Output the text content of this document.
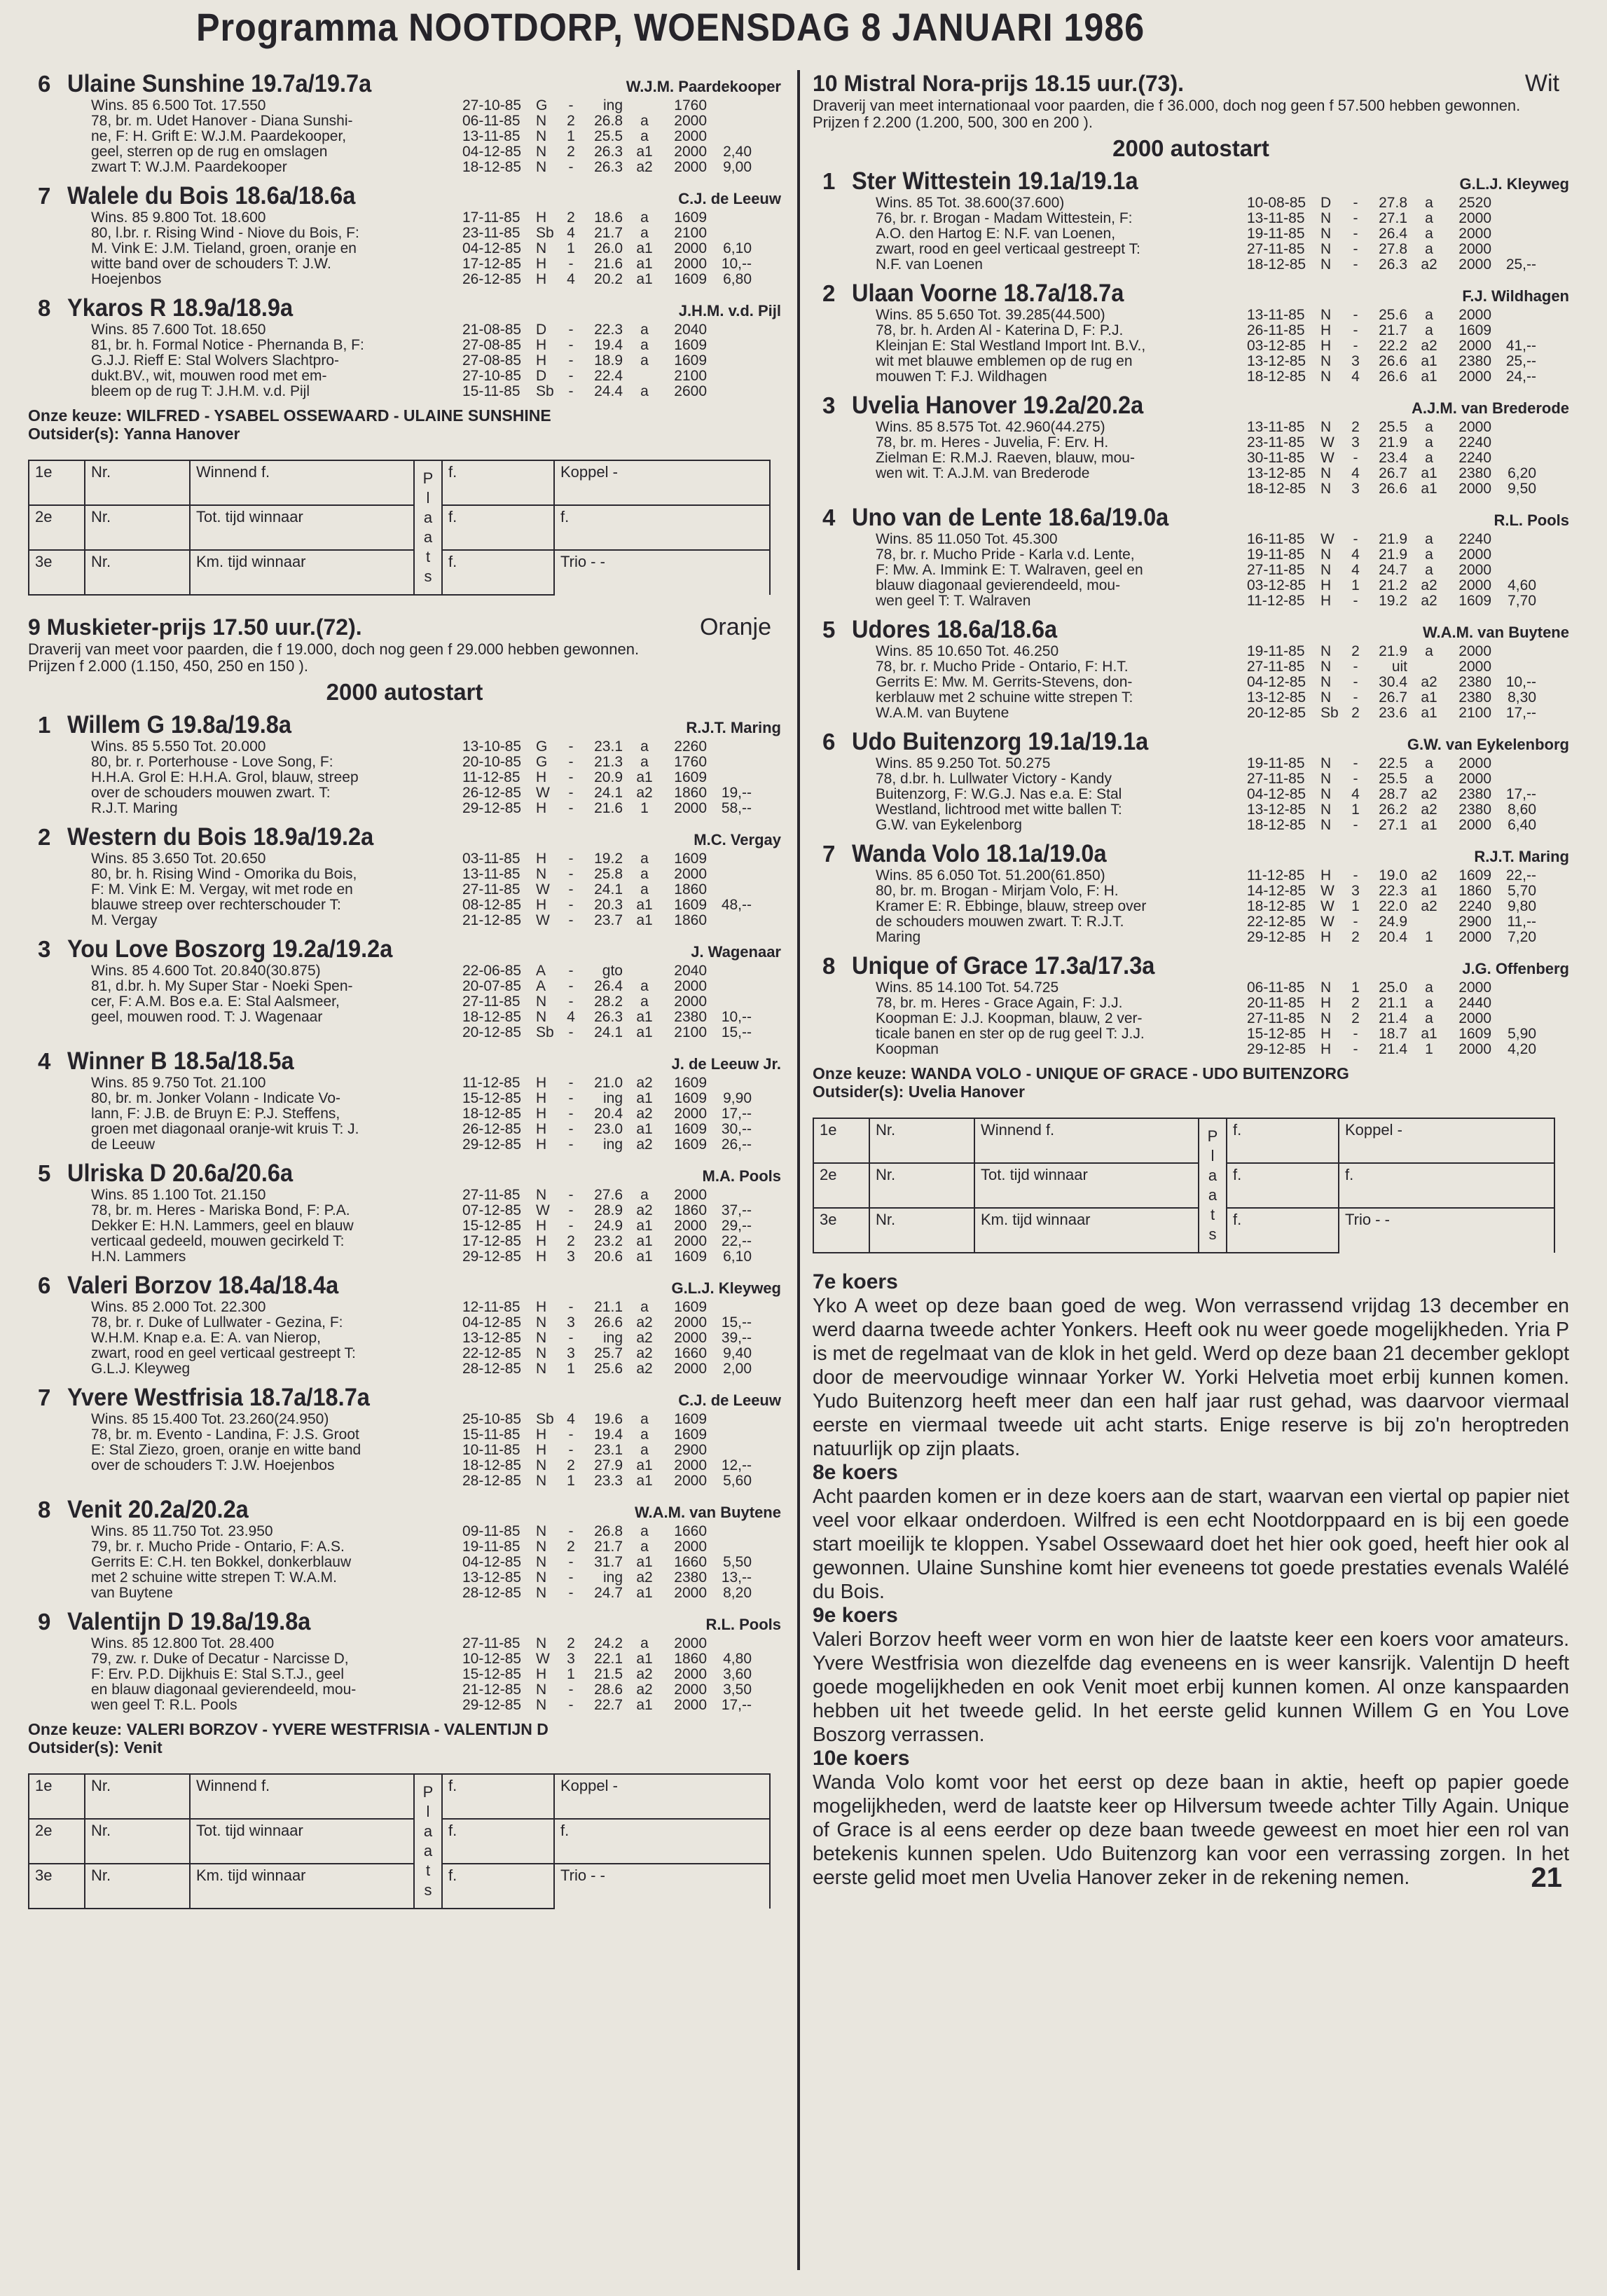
Programma NOOTDORP, WOENSDAG 8 JANUARI 1986
6 Ulaine Sunshine 19.7a/19.7a	W.J.M. Paardekooper
Wins. 85 6.500 Tot. 17.550
78, br. m. Udet Hanover - Diana Sunshi-
ne, F: H. Grift E: W.J.M. Paardekooper,
geel, sterren op de rug en omslagen
zwart T: W.J.M. Paardekooper
27-10-85 G	-	ing	1760
06-11-85	N	2	26.8	a	2000
13-11-85	N	1	25.5	a	2000
04-12-85 N	2	26.3 a1	2000	2,40
18-12-85 N	-	26.3 a2	2000	9,00
7 Walele du Bois 18.6a/18.6a	C.J. de Leeuw
Wins. 85 9.800 Tot. 18.600
80, l.br. r. Rising Wind - Niove du Bois, F:
M. Vink E: J.M. Tieland, groen, oranje en
witte band over de schouders T: J.W.
Hoejenbos
17-11-85	H	2	18.6	a	1609
23-11-85	Sb 4	21.7	a	2100
04-12-85 N	1	26.0 a1	2000	6,10
17-12-85 H	-	21.6 a1	2000 10,--
26-12-85 H	4	20.2 a1	1609	6,80
8 Ykaros R 18.9a/18.9a	J.H.M. v.d. Pijl
Wins. 85 7.600 Tot. 18.650
81, br. h. Formal Notice - Phernanda B, F:
G.J.J. Rieff E: Stal Wolvers Slachtpro-
dukt.BV., wit, mouwen rood met em-
bleem op de rug T: J.H.M. v.d. Pijl
21-08-85 D	-	22.3	a	2040
27-08-85 H	-	19.4	a	1609
27-08-85 H	-	18.9	a	1609
27-10-85 D	-	22.4	2100
15-11-85	Sb -	24.4	a	2600
Onze keuze: WILFRED - YSABEL OSSEWAARD - ULAINE SUNSHINE
Outsider(s): Yanna Hanover
1e	Nr.	Winnend f.	P l a a t s	f.	Koppel -
2e	Nr.	Tot. tijd winnaar		f.	f.
3e	Nr.	Km. tijd winnaar		f.	Trio - -
9 Muskieter-prijs 17.50 uur.(72).	Oranje
Draverij van meet voor paarden, die f 19.000, doch nog geen f 29.000 hebben gewonnen.
Prijzen f 2.000 (1.150, 450, 250 en 150 ).
2000 autostart
1 Willem G 19.8a/19.8a	R.J.T. Maring
Wins. 85 5.550 Tot. 20.000
80, br. r. Porterhouse - Love Song, F:
H.H.A. Grol E: H.H.A. Grol, blauw, streep
over de schouders mouwen zwart. T:
R.J.T. Maring
13-10-85 G	-	23.1	a	2260
20-10-85 G	-	21.3	a	1760
11-12-85	H	-	20.9 a1	1609
26-12-85 W	-	24.1 a2	1860 19,--
29-12-85 H	-	21.6	1	2000 58,--
2 Western du Bois 18.9a/19.2a	M.C. Vergay
Wins. 85 3.650 Tot. 20.650
80, br. h. Rising Wind - Omorika du Bois,
F: M. Vink E: M. Vergay, wit met rode en
blauwe streep over rechterschouder T:
M. Vergay
03-11-85	H	-	19.2	a	1609
13-11-85	N	-	25.8	a	2000
27-11-85	W	-	24.1	a	1860
08-12-85 H	-	20.3 a1	1609 48,--
21-12-85 W	-	23.7 a1	1860
3 You Love Boszorg 19.2a/19.2a	J. Wagenaar
Wins. 85 4.600 Tot. 20.840(30.875)
81, d.br. h. My Super Star - Noeki Spen-
cer, F: A.M. Bos e.a. E: Stal Aalsmeer,
geel, mouwen rood. T: J. Wagenaar
22-06-85 A	-	gto	2040
20-07-85 A	-	26.4	a	2000
27-11-85	N	-	28.2	a	2000
18-12-85 N	4	26.3 a1	2380 10,--
20-12-85 Sb -	24.1 a1	2100 15,--
4 Winner B 18.5a/18.5a	J. de Leeuw Jr.
Wins. 85 9.750 Tot. 21.100
80, br. m. Jonker Volann - Indicate Vo-
lann, F: J.B. de Bruyn E: P.J. Steffens,
groen met diagonaal oranje-wit kruis T: J.
de Leeuw
11-12-85	H	-	21.0 a2	1609
15-12-85 H	-	ing a1	1609	9,90
18-12-85 H	-	20.4 a2	2000 17,--
26-12-85 H	-	23.0 a1	1609 30,--
29-12-85 H	-	ing a2	1609 26,--
5 Ulriska D 20.6a/20.6a	M.A. Pools
Wins. 85 1.100 Tot. 21.150
78, br. m. Heres - Mariska Bond, F: P.A.
Dekker E: H.N. Lammers, geel en blauw
verticaal gedeeld, mouwen gecirkeld T:
H.N. Lammers
27-11-85	N	-	27.6	a	2000
07-12-85 W	-	28.9 a2	1860 37,--
15-12-85 H	-	24.9 a1	2000 29,--
17-12-85 H	2	23.2 a1	2000 22,--
29-12-85 H	3	20.6 a1	1609	6,10
6 Valeri Borzov 18.4a/18.4a	G.L.J. Kleyweg
Wins. 85 2.000 Tot. 22.300
78, br. r. Duke of Lullwater - Gezina, F:
W.H.M. Knap e.a. E: A. van Nierop,
zwart, rood en geel verticaal gestreept T:
G.L.J. Kleyweg
12-11-85	H	-	21.1	a	1609
04-12-85 N	3	26.6 a2	2000 15,--
13-12-85 N	-	ing a2	2000 39,--
22-12-85 N	3	25.7 a2	1660	9,40
28-12-85 N	1	25.6 a2	2000	2,00
7 Yvere Westfrisia 18.7a/18.7a	C.J. de Leeuw
Wins. 85 15.400 Tot. 23.260(24.950)
78, br. m. Evento - Landina, F: J.S. Groot
E: Stal Ziezo, groen, oranje en witte band
over de schouders T: J.W. Hoejenbos
25-10-85 Sb 4	19.6	a	1609
15-11-85	H	-	19.4	a	1609
10-11-85	H	-	23.1	a	2900
18-12-85 N	2	27.9 a1	2000 12,--
28-12-85 N	1	23.3 a1	2000	5,60
8 Venit 20.2a/20.2a	W.A.M. van Buytene
Wins. 85 11.750 Tot. 23.950
79, br. r. Mucho Pride - Ontario, F: A.S.
Gerrits E: C.H. ten Bokkel, donkerblauw
met 2 schuine witte strepen T: W.A.M.
van Buytene
09-11-85	N	-	26.8	a	1660
19-11-85	N	2	21.7	a	2000
04-12-85 N	-	31.7 a1	1660	5,50
13-12-85 N	-	ing a2	2380 13,--
28-12-85 N	-	24.7 a1	2000	8,20
9 Valentijn D 19.8a/19.8a	R.L. Pools
Wins. 85 12.800 Tot. 28.400
79, zw. r. Duke of Decatur - Narcisse D,
F: Erv. P.D. Dijkhuis E: Stal S.T.J., geel
en blauw diagonaal gevierendeeld, mou-
wen geel T: R.L. Pools
27-11-85	N	2	24.2	a	2000
10-12-85 W	3	22.1 a1	1860	4,80
15-12-85 H	1	21.5 a2	2000	3,60
21-12-85 N	-	28.6 a2	2000	3,50
29-12-85 N	-	22.7 a1	2000 17,--
Onze keuze: VALERI BORZOV - YVERE WESTFRISIA - VALENTIJN D
Outsider(s): Venit
1e	Nr.	Winnend f.	P l a a t s	f.	Koppel -
2e	Nr.	Tot. tijd winnaar		f.	f.
3e	Nr.	Km. tijd winnaar		f.	Trio - -
10 Mistral Nora-prijs 18.15 uur.(73).	Wit
Draverij van meet internationaal voor paarden, die f 36.000, doch nog geen f 57.500 hebben gewonnen.
Prijzen f 2.200 (1.200, 500, 300 en 200 ).
2000 autostart
1 Ster Wittestein 19.1a/19.1a	G.L.J. Kleyweg
Wins. 85 Tot. 38.600(37.600)
76, br. r. Brogan - Madam Wittestein, F:
A.O. den Hartog E: N.F. van Loenen,
zwart, rood en geel verticaal gestreept T:
N.F. van Loenen
10-08-85 D	-	27.8	a	2520
13-11-85	N	-	27.1	a	2000
19-11-85	N	-	26.4	a	2000
27-11-85	N	-	27.8	a	2000
18-12-85 N	-	26.3 a2	2000 25,--
2 Ulaan Voorne 18.7a/18.7a	F.J. Wildhagen
Wins. 85 5.650 Tot. 39.285(44.500)
78, br. h. Arden Al - Katerina D, F: P.J.
Kleinjan E: Stal Westland Import Int. B.V.,
wit met blauwe emblemen op de rug en
mouwen T: F.J. Wildhagen
13-11-85	N	-	25.6	a	2000
26-11-85	H	-	21.7	a	1609
03-12-85 H	-	22.2 a2	2000 41,--
13-12-85 N	3	26.6 a1	2380 25,--
18-12-85 N	4	26.6 a1	2000 24,--
3 Uvelia Hanover 19.2a/20.2a	A.J.M. van Brederode
Wins. 85 8.575 Tot. 42.960(44.275)
78, br. m. Heres - Juvelia, F: Erv. H.
Zielman E: R.M.J. Raeven, blauw, mou-
wen wit. T: A.J.M. van Brederode
13-11-85	N	2	25.5	a	2000
23-11-85	W	3	21.9	a	2240
30-11-85	W	-	23.4	a	2240
13-12-85 N	4	26.7 a1	2380	6,20
18-12-85 N	3	26.6 a1	2000	9,50
4 Uno van de Lente 18.6a/19.0a	R.L. Pools
Wins. 85 11.050 Tot. 45.300
78, br. r. Mucho Pride - Karla v.d. Lente,
F: Mw. A. Immink E: T. Walraven, geel en
blauw diagonaal gevierendeeld, mou-
wen geel T: T. Walraven
16-11-85	W	-	21.9	a	2240
19-11-85	N	4	21.9	a	2000
27-11-85	N	4	24.7	a	2000
03-12-85 H	1	21.2 a2	2000	4,60
11-12-85	H	-	19.2 a2	1609	7,70
5 Udores 18.6a/18.6a	W.A.M. van Buytene
Wins. 85 10.650 Tot. 46.250
78, br. r. Mucho Pride - Ontario, F: H.T.
Gerrits E: Mw. M. Gerrits-Stevens, don-
kerblauw met 2 schuine witte strepen T:
W.A.M. van Buytene
19-11-85	N	2	21.9	a	2000
27-11-85	N	-	uit	2000
04-12-85 N	-	30.4 a2	2380 10,--
13-12-85 N	-	26.7 a1	2380	8,30
20-12-85 Sb 2	23.6 a1	2100 17,--
6 Udo Buitenzorg 19.1a/19.1a	G.W. van Eykelenborg
Wins. 85 9.250 Tot. 50.275
78, d.br. h. Lullwater Victory - Kandy
Buitenzorg, F: W.G.J. Nas e.a. E: Stal
Westland, lichtrood met witte ballen T:
G.W. van Eykelenborg
19-11-85	N	-	22.5	a	2000
27-11-85	N	-	25.5	a	2000
04-12-85 N	4	28.7 a2	2380 17,--
13-12-85 N	1	26.2 a2	2380	8,60
18-12-85 N	-	27.1 a1	2000	6,40
7 Wanda Volo 18.1a/19.0a	R.J.T. Maring
Wins. 85 6.050 Tot. 51.200(61.850)
80, br. m. Brogan - Mirjam Volo, F: H.
Kramer E: R. Ebbinge, blauw, streep over
de schouders mouwen zwart. T: R.J.T.
Maring
11-12-85	H	-	19.0 a2	1609 22,--
14-12-85 W	3	22.3 a1	1860	5,70
18-12-85 W	1	22.0 a2	2240	9,80
22-12-85 W	-	24.9	2900	11,--
29-12-85 H	2	20.4	1	2000	7,20
8 Unique of Grace 17.3a/17.3a	J.G. Offenberg
Wins. 85 14.100 Tot. 54.725
78, br. m. Heres - Grace Again, F: J.J.
Koopman E: J.J. Koopman, blauw, 2 ver-
ticale banen en ster op de rug geel T: J.J.
Koopman
06-11-85	N	1	25.0	a	2000
20-11-85	H	2	21.1	a	2440
27-11-85	N	2	21.4	a	2000
15-12-85 H	-	18.7 a1	1609	5,90
29-12-85 H	-	21.4	1	2000	4,20
Onze keuze: WANDA VOLO - UNIQUE OF GRACE - UDO BUITENZORG
Outsider(s): Uvelia Hanover
1e	Nr.	Winnend f.	P l a a t s	f.	Koppel -
2e	Nr.	Tot. tijd winnaar		f.	f.
3e	Nr.	Km. tijd winnaar		f.	Trio - -
7e koers

Yko A weet op deze baan goed de weg. Won verrassend vrijdag 13 december en werd daarna tweede achter Yonkers. Heeft ook nu weer goede mogelijkheden. Yria P is met de regelmaat van de klok in het geld. Werd op deze baan 21 december geklopt door de meervoudige winnaar Yorker W. Yorki Helvetia moet erbij kunnen komen. Yudo Buitenzorg heeft meer dan een half jaar rust gehad, was daarvoor viermaal eerste en viermaal tweede uit acht starts. Enige reserve is bij zo'n heroptreden natuurlijk op zijn plaats.

8e koers

Acht paarden komen er in deze koers aan de start, waarvan een viertal op papier niet veel voor elkaar onderdoen. Wilfred is een echt Nootdorppaard en is bij een goede start moeilijk te kloppen. Ysabel Ossewaard doet het hier ook goed, heeft hier ook al gewonnen. Ulaine Sunshine komt hier eveneens tot goede prestaties evenals Walélé du Bois.

9e koers

Valeri Borzov heeft weer vorm en won hier de laatste keer een koers voor amateurs. Yvere Westfrisia won diezelfde dag eveneens en is weer kansrijk. Valentijn D heeft goede mogelijkheden en ook Venit moet erbij kunnen komen. Al onze kanspaarden hebben uit het tweede gelid. In het eerste gelid kunnen Willem G en You Love Boszorg verrassen.

10e koers

Wanda Volo komt voor het eerst op deze baan in aktie, heeft op papier goede mogelijkheden, werd de laatste keer op Hilversum tweede achter Tilly Again. Unique of Grace is al eens eerder op deze baan tweede geweest en moet hier een rol van betekenis kunnen spelen. Udo Buitenzorg kan voor een verrassing zorgen. In het eerste gelid moet men Uvelia Hanover zeker in de rekening nemen.	21
